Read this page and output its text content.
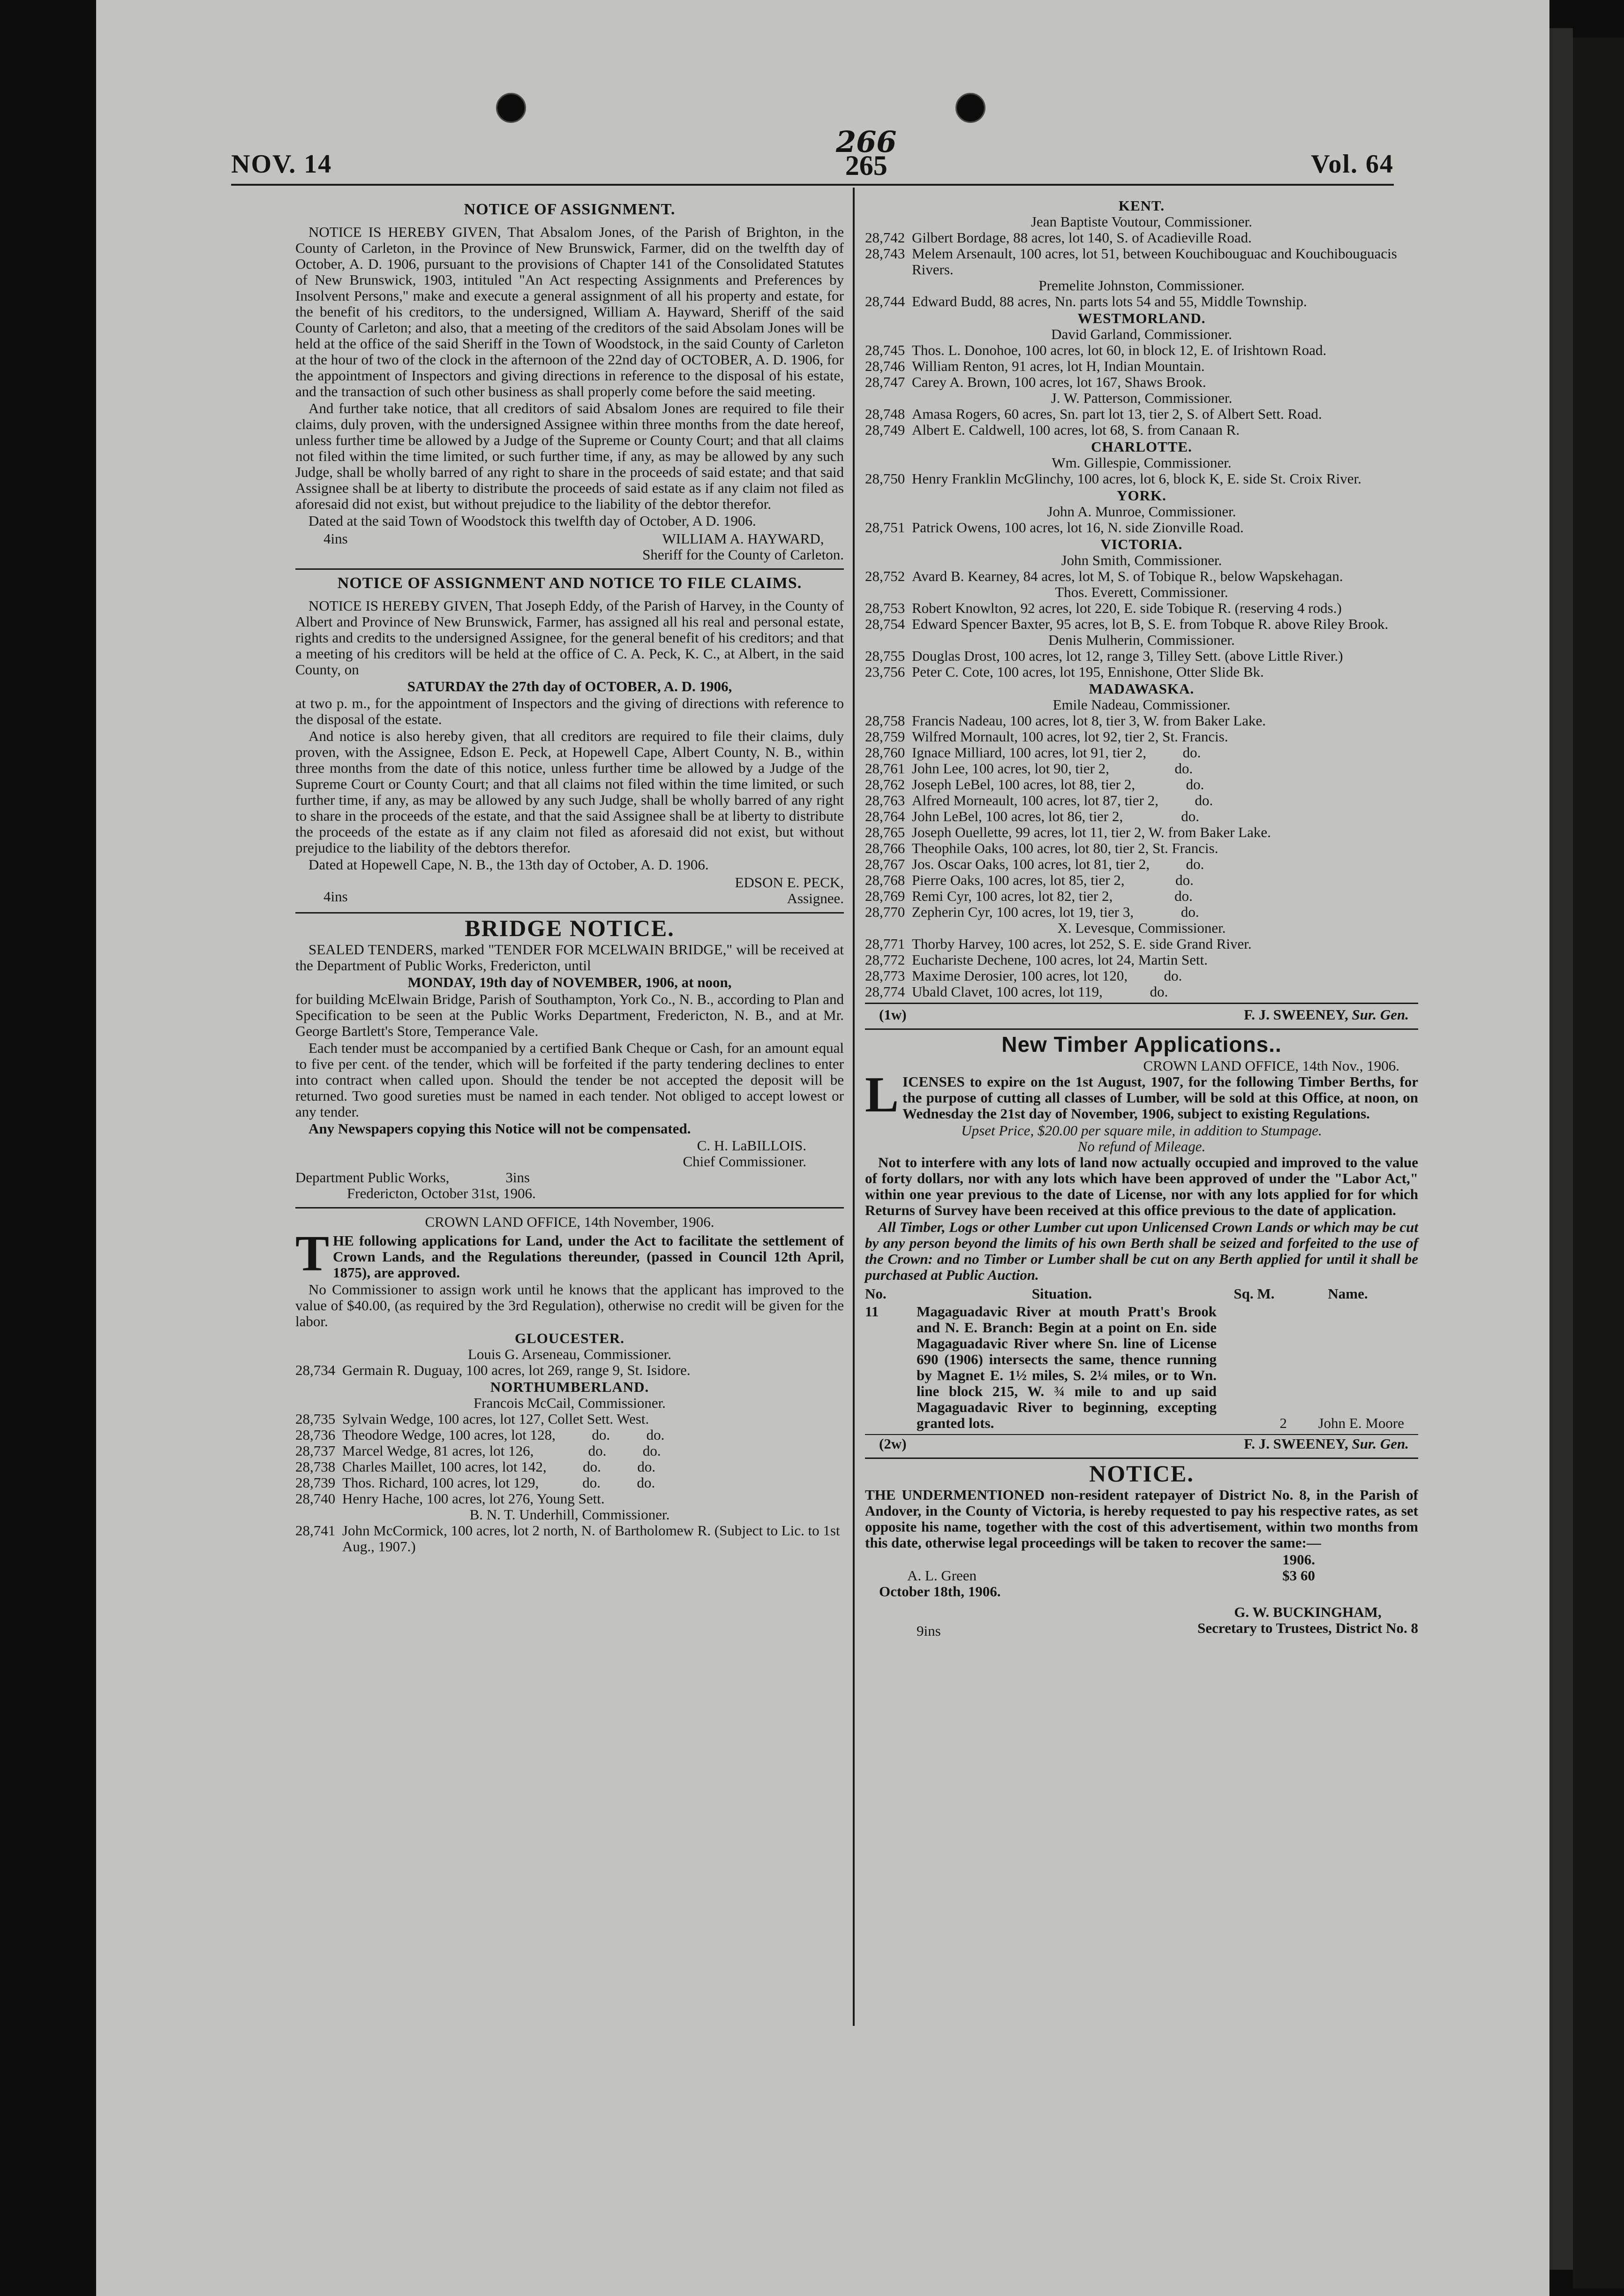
NOV. 14
266
265	Vol. 64
NOTICE OF ASSIGNMENT.

NOTICE IS HEREBY GIVEN, That Absalom Jones, of the Parish of Brighton, in the County of Carleton, in the Province of New Brunswick, Farmer, did on the twelfth day of October, A. D. 1906, pursuant to the provisions of Chapter 141 of the Consolidated Statutes of New Brunswick, 1903, intituled "An Act respecting Assignments and Preferences by Insolvent Persons," make and execute a general assignment of all his property and estate, for the benefit of his creditors, to the undersigned, William A. Hayward, Sheriff of the said County of Carleton; and also, that a meeting of the creditors of the said Absolam Jones will be held at the office of the said Sheriff in the Town of Woodstock, in the said County of Carleton at the hour of two of the clock in the afternoon of the 22nd day of OCTOBER, A. D. 1906, for the appointment of Inspectors and giving directions in reference to the disposal of his estate, and the transaction of such other business as shall properly come before the said meeting.

And further take notice, that all creditors of said Absalom Jones are required to file their claims, duly proven, with the undersigned Assignee within three months from the date hereof, unless further time be allowed by a Judge of the Supreme or County Court; and that all claims not filed within the time limited, or such further time, if any, as may be allowed by any such Judge, shall be wholly barred of any right to share in the proceeds of said estate; and that said Assignee shall be at liberty to distribute the proceeds of said estate as if any claim not filed as aforesaid did not exist, but without prejudice to the liability of the debtor therefor.

Dated at the said Town of Woodstock this twelfth day of October, A D. 1906.

4ins	WILLIAM A. HAYWARD,
Sheriff for the County of Carleton.
NOTICE OF ASSIGNMENT AND NOTICE TO FILE CLAIMS.

NOTICE IS HEREBY GIVEN, That Joseph Eddy, of the Parish of Harvey, in the County of Albert and Province of New Brunswick, Farmer, has assigned all his real and personal estate, rights and credits to the undersigned Assignee, for the general benefit of his creditors; and that a meeting of his creditors will be held at the office of C. A. Peck, K. C., at Albert, in the said County, on

SATURDAY the 27th day of OCTOBER, A. D. 1906,

at two p. m., for the appointment of Inspectors and the giving of directions with reference to the disposal of the estate.

And notice is also hereby given, that all creditors are required to file their claims, duly proven, with the Assignee, Edson E. Peck, at Hopewell Cape, Albert County, N. B., within three months from the date of this notice, unless further time be allowed by a Judge of the Supreme Court or County Court; and that all claims not filed within the time limited, or such further time, if any, as may be allowed by any such Judge, shall be wholly barred of any right to share in the proceeds of the estate, and that the said Assignee shall be at liberty to distribute the proceeds of the estate as if any claim not filed as aforesaid did not exist, but without prejudice to the liability of the debtors therefor.

Dated at Hopewell Cape, N. B., the 13th day of October, A. D. 1906.

4ins
EDSON E. PECK,
Assignee.
BRIDGE NOTICE.

SEALED TENDERS, marked "TENDER FOR MCELWAIN BRIDGE," will be received at the Department of Public Works, Fredericton, until

MONDAY, 19th day of NOVEMBER, 1906, at noon,

for building McElwain Bridge, Parish of Southampton, York Co., N. B., according to Plan and Specification to be seen at the Public Works Department, Fredericton, N. B., and at Mr. George Bartlett's Store, Temperance Vale.

Each tender must be accompanied by a certified Bank Cheque or Cash, for an amount equal to five per cent. of the tender, which will be forfeited if the party tendering declines to enter into contract when called upon. Should the tender be not accepted the deposit will be returned. Two good sureties must be named in each tender. Not obliged to accept lowest or any tender.

Any Newspapers copying this Notice will not be compensated.

C. H. LaBILLOIS.
Chief Commissioner.
Department Public Works,	3ins
Fredericton, October 31st, 1906.
CROWN LAND OFFICE, 14th November, 1906.

T HE following applications for Land, under the Act to facilitate the settlement of Crown Lands, and the Regulations thereunder, (passed in Council 12th April, 1875), are approved.

No Commissioner to assign work until he knows that the applicant has improved to the value of $40.00, (as required by the 3rd Regulation), otherwise no credit will be given for the labor.

GLOUCESTER.
Louis G. Arseneau, Commissioner.
28,734 Germain R. Duguay, 100 acres, lot 269, range 9, St. Isidore.
NORTHUMBERLAND.
Francois McCail, Commissioner.
28,735 Sylvain Wedge, 100 acres, lot 127, Collet Sett. West.
28,736 Theodore Wedge, 100 acres, lot 128,          do.          do.
28,737 Marcel Wedge, 81 acres, lot 126,               do.          do.
28,738 Charles Maillet, 100 acres, lot 142,          do.          do.
28,739 Thos. Richard, 100 acres, lot 129,            do.          do.
28,740 Henry Hache, 100 acres, lot 276, Young Sett.
B. N. T. Underhill, Commissioner.
28,741 John McCormick, 100 acres, lot 2 north, N. of Bartholomew R. (Subject to Lic. to 1st Aug., 1907.)
KENT.
Jean Baptiste Voutour, Commissioner.
28,742 Gilbert Bordage, 88 acres, lot 140, S. of Acadieville Road.
28,743 Melem Arsenault, 100 acres, lot 51, between Kouchibouguac and Kouchibouguacis Rivers.
Premelite Johnston, Commissioner.
28,744 Edward Budd, 88 acres, Nn. parts lots 54 and 55, Middle Township.
WESTMORLAND.
David Garland, Commissioner.
28,745 Thos. L. Donohoe, 100 acres, lot 60, in block 12, E. of Irishtown Road.
28,746 William Renton, 91 acres, lot H, Indian Mountain.
28,747 Carey A. Brown, 100 acres, lot 167, Shaws Brook.
J. W. Patterson, Commissioner.
28,748 Amasa Rogers, 60 acres, Sn. part lot 13, tier 2, S. of Albert Sett. Road.
28,749 Albert E. Caldwell, 100 acres, lot 68, S. from Canaan R.
CHARLOTTE.
Wm. Gillespie, Commissioner.
28,750 Henry Franklin McGlinchy, 100 acres, lot 6, block K, E. side St. Croix River.
YORK.
John A. Munroe, Commissioner.
28,751 Patrick Owens, 100 acres, lot 16, N. side Zionville Road.
VICTORIA.
John Smith, Commissioner.
28,752 Avard B. Kearney, 84 acres, lot M, S. of Tobique R., below Wapskehagan.
Thos. Everett, Commissioner.
28,753 Robert Knowlton, 92 acres, lot 220, E. side Tobique R. (reserving 4 rods.)
28,754 Edward Spencer Baxter, 95 acres, lot B, S. E. from Tobque R. above Riley Brook.
Denis Mulherin, Commissioner.
28,755 Douglas Drost, 100 acres, lot 12, range 3, Tilley Sett. (above Little River.)
23,756 Peter C. Cote, 100 acres, lot 195, Ennishone, Otter Slide Bk.
MADAWASKA.
Emile Nadeau, Commissioner.
28,758 Francis Nadeau, 100 acres, lot 8, tier 3, W. from Baker Lake.
28,759 Wilfred Mornault, 100 acres, lot 92, tier 2, St. Francis.
28,760 Ignace Milliard, 100 acres, lot 91, tier 2,          do.
28,761 John Lee, 100 acres, lot 90, tier 2,                  do.
28,762 Joseph LeBel, 100 acres, lot 88, tier 2,              do.
28,763 Alfred Morneault, 100 acres, lot 87, tier 2,          do.
28,764 John LeBel, 100 acres, lot 86, tier 2,                do.
28,765 Joseph Ouellette, 99 acres, lot 11, tier 2, W. from Baker Lake.
28,766 Theophile Oaks, 100 acres, lot 80, tier 2, St. Francis.
28,767 Jos. Oscar Oaks, 100 acres, lot 81, tier 2,          do.
28,768 Pierre Oaks, 100 acres, lot 85, tier 2,              do.
28,769 Remi Cyr, 100 acres, lot 82, tier 2,                 do.
28,770 Zepherin Cyr, 100 acres, lot 19, tier 3,             do.
X. Levesque, Commissioner.
28,771 Thorby Harvey, 100 acres, lot 252, S. E. side Grand River.
28,772 Euchariste Dechene, 100 acres, lot 24, Martin Sett.
28,773 Maxime Derosier, 100 acres, lot 120,          do.
28,774 Ubald Clavet, 100 acres, lot 119,             do.
(1w)	F. J. SWEENEY, Sur. Gen.
New Timber Applications..
CROWN LAND OFFICE, 14th Nov., 1906.

L ICENSES to expire on the 1st August, 1907, for the following Timber Berths, for the purpose of cutting all classes of Lumber, will be sold at this Office, at noon, on Wednesday the 21st day of November, 1906, subject to existing Regulations.

Upset Price, $20.00 per square mile, in addition to Stumpage.

No refund of Mileage.

Not to interfere with any lots of land now actually occupied and improved to the value of forty dollars, nor with any lots which have been approved of under the "Labor Act," within one year previous to the date of License, nor with any lots applied for for which Returns of Survey have been received at this office previous to the date of application.

All Timber, Logs or other Lumber cut upon Unlicensed Crown Lands or which may be cut by any person beyond the limits of his own Berth shall be seized and forfeited to the use of the Crown: and no Timber or Lumber shall be cut on any Berth applied for until it shall be purchased at Public Auction.

No.	Situation.	Sq. M.	Name.
11	Magaguadavic River at mouth Pratt's Brook and N. E. Branch: Begin at a point on En. side Magaguadavic River where Sn. line of License 690 (1906) intersects the same, thence running by Magnet E. 1½ miles, S. 2¼ miles, or to Wn. line block 215, W. ¾ mile to and up said Magaguadavic River to beginning, excepting granted lots.	2	John E. Moore
(2w)	F. J. SWEENEY, Sur. Gen.
NOTICE.

THE UNDERMENTIONED non-resident ratepayer of District No. 8, in the Parish of Andover, in the County of Victoria, is hereby requested to pay his respective rates, as set opposite his name, together with the cost of this advertisement, within two months from this date, otherwise legal proceedings will be taken to recover the same:—

1906.
A. L. Green	$3 60
October 18th, 1906.
9ins
G. W. BUCKINGHAM,
Secretary to Trustees, District No. 8
